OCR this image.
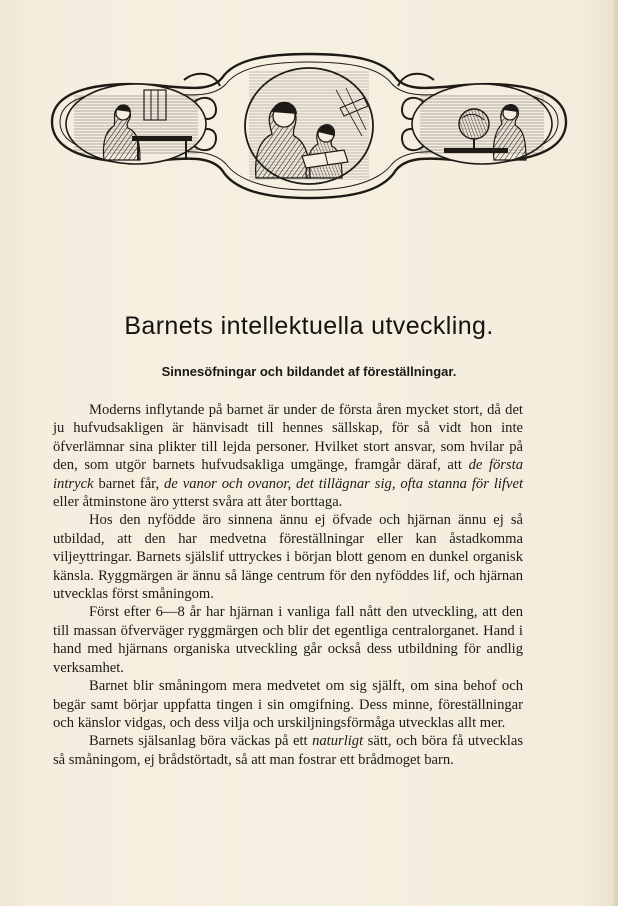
Barnets intellektuella utveckling.
Sinnesöfningar och bildandet af föreställningar.

Moderns inflytande på barnet är under de första åren mycket stort, då det ju hufvudsakligen är hänvisadt till hennes sällskap, för så vidt hon inte öfverlämnar sina plikter till lejda personer. Hvilket stort ansvar, som hvilar på den, som utgör barnets hufvudsakliga umgänge, framgår däraf, att de första intryck barnet får, de vanor och ovanor, det tillägnar sig, ofta stanna för lifvet eller åtminstone äro ytterst svåra att åter borttaga.

Hos den nyfödde äro sinnena ännu ej öfvade och hjärnan ännu ej så utbildad, att den har medvetna föreställningar eller kan åstadkomma viljeyttringar. Barnets själslif uttryckes i början blott genom en dunkel organisk känsla. Ryggmärgen är ännu så länge centrum för den nyföddes lif, och hjärnan utvecklas först småningom.

Först efter 6—8 år har hjärnan i vanliga fall nått den utveckling, att den till massan öfverväger ryggmärgen och blir det egentliga centralorganet. Hand i hand med hjärnans organiska utveckling går också dess utbildning för andlig verksamhet.

Barnet blir småningom mera medvetet om sig själft, om sina behof och begär samt börjar uppfatta tingen i sin omgifning. Dess minne, föreställningar och känslor vidgas, och dess vilja och urskiljningsförmåga utvecklas allt mer.

Barnets själsanlag böra väckas på ett naturligt sätt, och böra få utvecklas så småningom, ej brådstörtadt, så att man fostrar ett brådmoget barn.
